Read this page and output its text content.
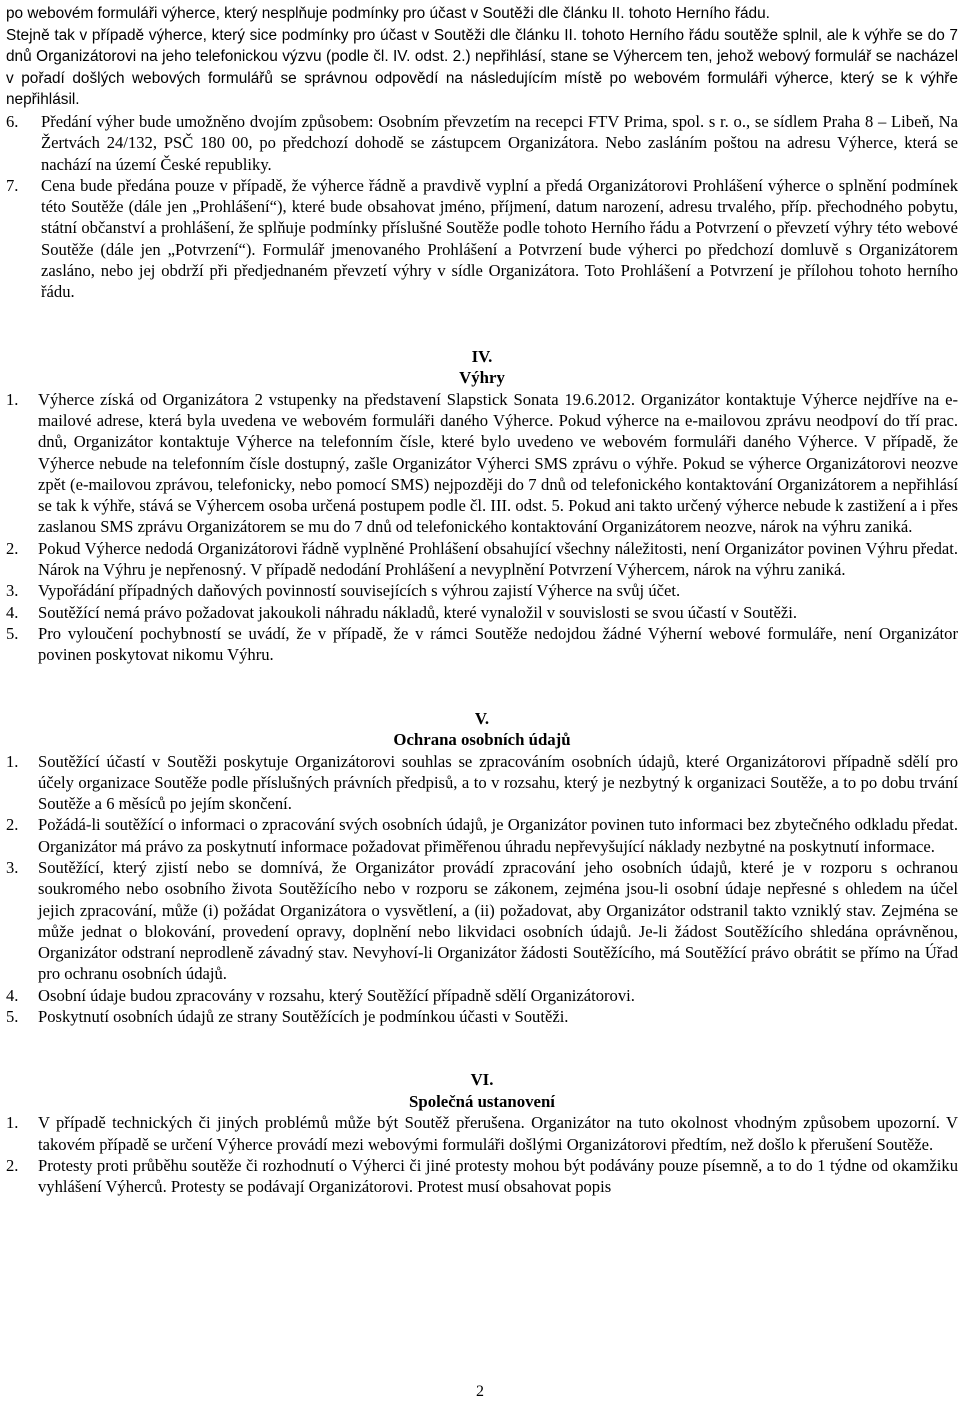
po webovém formuláři výherce, který nesplňuje podmínky pro účast v Soutěži dle článku II. tohoto Herního řádu.
Stejně tak v případě výherce, který sice podmínky pro účast v Soutěži dle článku II. tohoto Herního řádu soutěže splnil, ale k výhře se do 7 dnů Organizátorovi na jeho telefonickou výzvu (podle čl. IV. odst. 2.) nepřihlásí, stane se Výhercem ten, jehož webový formulář se nacházel v pořadí došlých webových formulářů se správnou odpovědí na následujícím místě po webovém formuláři výherce, který se k výhře nepřihlásil.
6.	Předání výher bude umožněno dvojím způsobem: Osobním převzetím na recepci FTV Prima, spol. s r. o., se sídlem Praha 8 – Libeň, Na Žertvách 24/132, PSČ 180 00, po předchozí dohodě se zástupcem Organizátora. Nebo zasláním poštou na adresu Výherce, která se nachází na území České republiky.
7.	Cena bude předána pouze v případě, že výherce řádně a pravdivě vyplní a předá Organizátorovi Prohlášení výherce o splnění podmínek této Soutěže (dále jen „Prohlášení“), které bude obsahovat jméno, příjmení, datum narození, adresu trvalého, příp. přechodného pobytu, státní občanství a prohlášení, že splňuje podmínky příslušné Soutěže podle tohoto Herního řádu a Potvrzení o převzetí výhry této webové Soutěže (dále jen „Potvrzení“). Formulář jmenovaného Prohlášení a Potvrzení bude výherci po předchozí domluvě s Organizátorem zasláno, nebo jej obdrží při předjednaném převzetí výhry v sídle Organizátora. Toto Prohlášení a Potvrzení je přílohou tohoto herního řádu.
IV.
Výhry
1.	Výherce získá od Organizátora 2 vstupenky na představení Slapstick Sonata 19.6.2012. Organizátor kontaktuje Výherce nejdříve na e-mailové adrese, která byla uvedena ve webovém formuláři daného Výherce. Pokud výherce na e-mailovou zprávu neodpoví do tří prac. dnů, Organizátor kontaktuje Výherce na telefonním čísle, které bylo uvedeno ve webovém formuláři daného Výherce. V případě, že Výherce nebude na telefonním čísle dostupný, zašle Organizátor Výherci SMS zprávu o výhře. Pokud se výherce Organizátorovi neozve zpět (e-mailovou zprávou, telefonicky, nebo pomocí SMS) nejpozději do 7 dnů od telefonického kontaktování Organizátorem a nepřihlásí se tak k výhře, stává se Výhercem osoba určená postupem podle čl. III. odst. 5. Pokud ani takto určený výherce nebude k zastižení a i přes zaslanou SMS zprávu Organizátorem se mu do 7 dnů od telefonického kontaktování Organizátorem neozve, nárok na výhru zaniká.
2.	Pokud Výherce nedodá Organizátorovi řádně vyplněné Prohlášení obsahující všechny náležitosti, není Organizátor povinen Výhru předat. Nárok na Výhru je nepřenosný. V případě nedodání Prohlášení a nevyplnění Potvrzení Výhercem, nárok na výhru zaniká.
3.	Vypořádání případných daňových povinností souvisejících s výhrou zajistí Výherce na svůj účet.
4.	Soutěžící nemá právo požadovat jakoukoli náhradu nákladů, které vynaložil v souvislosti se svou účastí v Soutěži.
5.	Pro vyloučení pochybností se uvádí, že v případě, že v rámci Soutěže nedojdou žádné Výherní webové formuláře, není Organizátor povinen poskytovat nikomu Výhru.
V.
Ochrana osobních údajů
1.	Soutěžící účastí v Soutěži poskytuje Organizátorovi souhlas se zpracováním osobních údajů, které Organizátorovi případně sdělí pro účely organizace Soutěže podle příslušných právních předpisů, a to v rozsahu, který je nezbytný k organizaci Soutěže, a to po dobu trvání Soutěže a 6 měsíců po jejím skončení.
2.	Požádá-li soutěžící o informaci o zpracování svých osobních údajů, je Organizátor povinen tuto informaci bez zbytečného odkladu předat. Organizátor má právo za poskytnutí informace požadovat přiměřenou úhradu nepřevyšující náklady nezbytné na poskytnutí informace.
3.	Soutěžící, který zjistí nebo se domnívá, že Organizátor provádí zpracování jeho osobních údajů, které je v rozporu s ochranou soukromého nebo osobního života Soutěžícího nebo v rozporu se zákonem, zejména jsou-li osobní údaje nepřesné s ohledem na účel jejich zpracování, může (i) požádat Organizátora o vysvětlení, a (ii) požadovat, aby Organizátor odstranil takto vzniklý stav. Zejména se může jednat o blokování, provedení opravy, doplnění nebo likvidaci osobních údajů. Je-li žádost Soutěžícího shledána oprávněnou, Organizátor odstraní neprodleně závadný stav. Nevyhoví-li Organizátor žádosti Soutěžícího, má Soutěžící právo obrátit se přímo na Úřad pro ochranu osobních údajů.
4.	Osobní údaje budou zpracovány v rozsahu, který Soutěžící případně sdělí Organizátorovi.
5.	Poskytnutí osobních údajů ze strany Soutěžících je podmínkou účasti v Soutěži.
VI.
Společná ustanovení
1.	V případě technických či jiných problémů může být Soutěž přerušena. Organizátor na tuto okolnost vhodným způsobem upozorní. V takovém případě se určení Výherce provádí mezi webovými formuláři došlými Organizátorovi předtím, než došlo k přerušení Soutěže.
2.	Protesty proti průběhu soutěže či rozhodnutí o Výherci či jiné protesty mohou být podávány pouze písemně, a to do 1 týdne od okamžiku vyhlášení Výherců. Protesty se podávají Organizátorovi. Protest musí obsahovat popis
2
